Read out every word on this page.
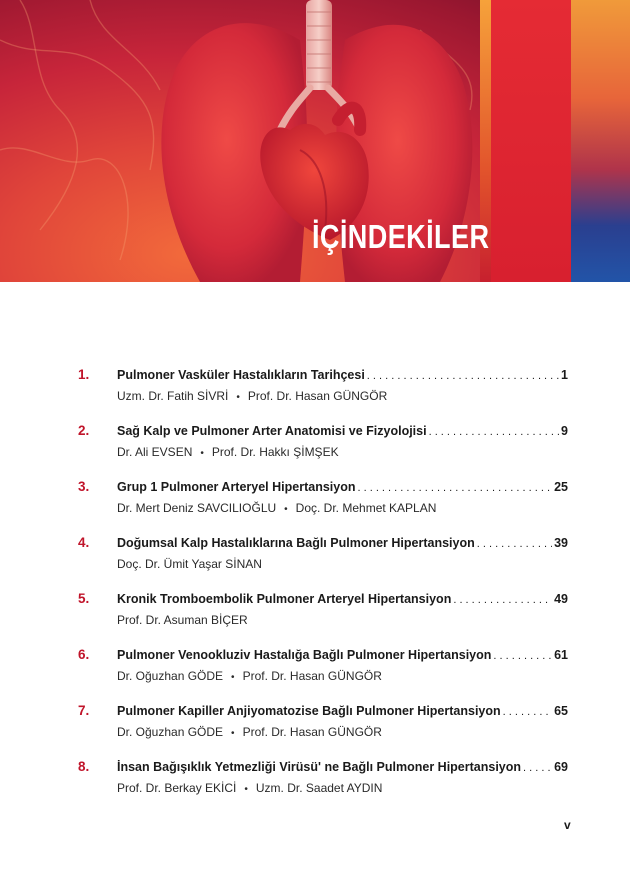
İÇİNDEKİLER
1.	Pulmoner Vasküler Hastalıkların Tarihçesi . . .	1
Uzm. Dr. Fatih SİVRİ • Prof. Dr. Hasan GÜNGÖR
2.	Sağ Kalp ve Pulmoner Arter Anatomisi ve Fizyolojisi . . .	9
Dr. Ali EVSEN • Prof. Dr. Hakkı ŞİMŞEK
3.	Grup 1 Pulmoner Arteryel Hipertansiyon . . .	25
Dr. Mert Deniz SAVCILIOĞLU • Doç. Dr. Mehmet KAPLAN
4.	Doğumsal Kalp Hastalıklarına Bağlı Pulmoner Hipertansiyon . . .	39
Doç. Dr. Ümit Yaşar SİNAN
5.	Kronik Tromboembolik Pulmoner Arteryel Hipertansiyon . . .	49
Prof. Dr. Asuman BİÇER
6.	Pulmoner Venookluziv Hastalığa Bağlı Pulmoner Hipertansiyon . . .	61
Dr. Oğuzhan GÖDE • Prof. Dr. Hasan GÜNGÖR
7.	Pulmoner Kapiller Anjiyomatozise Bağlı Pulmoner Hipertansiyon . . .	65
Dr. Oğuzhan GÖDE • Prof. Dr. Hasan GÜNGÖR
8.	İnsan Bağışıklık Yetmezliği Virüsü' ne Bağlı Pulmoner Hipertansiyon . . .	69
Prof. Dr. Berkay EKİCİ • Uzm. Dr. Saadet AYDIN
v
